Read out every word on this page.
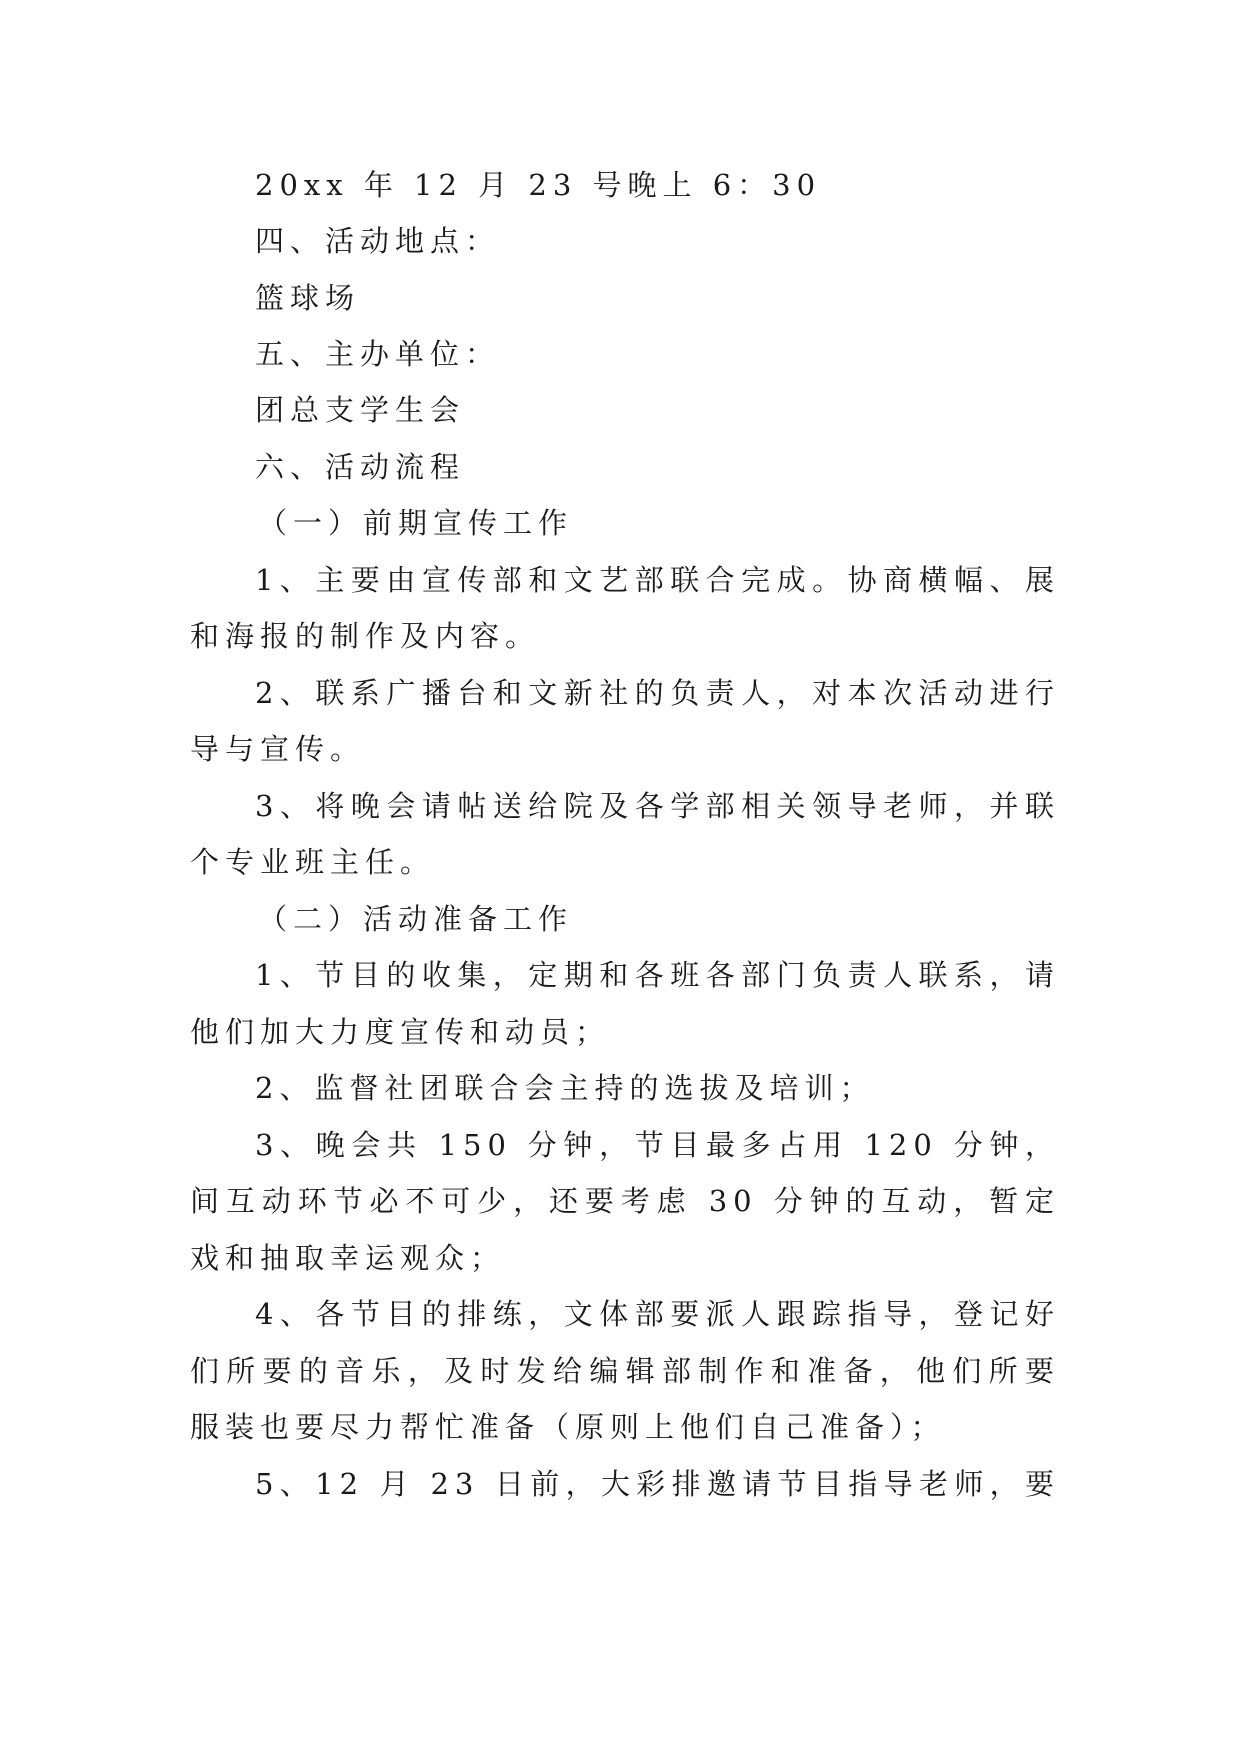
20xx 年 12 月 23 号晚上 6：30
四、活动地点：
篮球场
五、主办单位：
团总支学生会
六、活动流程
（一）前期宣传工作
1、主要由宣传部和文艺部联合完成。协商横幅、展
和海报的制作及内容。
2、联系广播台和文新社的负责人，对本次活动进行
导与宣传。
3、将晚会请帖送给院及各学部相关领导老师，并联
个专业班主任。
（二）活动准备工作
1、节目的收集，定期和各班各部门负责人联系，请
他们加大力度宣传和动员；
2、监督社团联合会主持的选拔及培训；
3、晚会共 150 分钟，节目最多占用 120 分钟，
间互动环节必不可少，还要考虑 30 分钟的互动，暂定
戏和抽取幸运观众；
4、各节目的排练，文体部要派人跟踪指导，登记好
们所要的音乐，及时发给编辑部制作和准备，他们所要
服装也要尽力帮忙准备（原则上他们自己准备）；
5、12 月 23 日前，大彩排邀请节目指导老师，要
